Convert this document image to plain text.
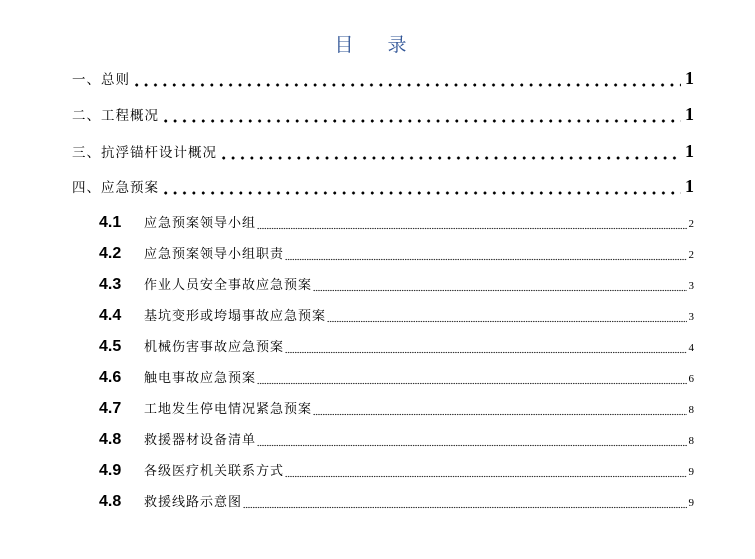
目 录
一、总则	1
二、工程概况	1
三、抗浮锚杆设计概况	1
四、应急预案	1
4.1	应急预案领导小组	2
4.2	应急预案领导小组职责	2
4.3	作业人员安全事故应急预案	3
4.4	基坑变形或垮塌事故应急预案	3
4.5	机械伤害事故应急预案	4
4.6	触电事故应急预案	6
4.7	工地发生停电情况紧急预案	8
4.8	救援器材设备清单	8
4.9	各级医疗机关联系方式	9
4.8	救援线路示意图	9
